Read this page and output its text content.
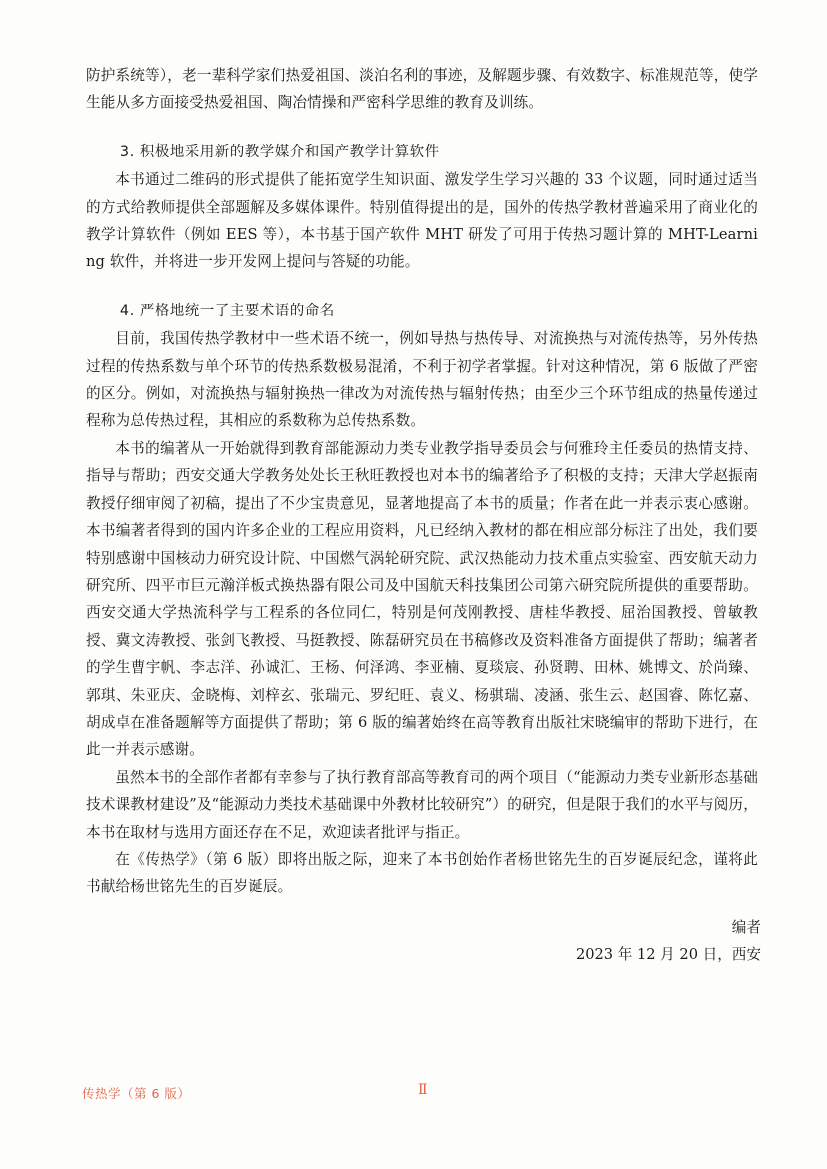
防护系统等），老一辈科学家们热爱祖国、淡泊名利的事迹，及解题步骤、有效数字、标准规范等，使学生能从多方面接受热爱祖国、陶冶情操和严密科学思维的教育及训练。

3. 积极地采用新的教学媒介和国产教学计算软件

本书通过二维码的形式提供了能拓宽学生知识面、激发学生学习兴趣的 33 个议题，同时通过适当的方式给教师提供全部题解及多媒体课件。特别值得提出的是，国外的传热学教材普遍采用了商业化的教学计算软件（例如 EES 等），本书基于国产软件 MHT 研发了可用于传热习题计算的 MHT-Learning 软件，并将进一步开发网上提问与答疑的功能。

4. 严格地统一了主要术语的命名

目前，我国传热学教材中一些术语不统一，例如导热与热传导、对流换热与对流传热等，另外传热过程的传热系数与单个环节的传热系数极易混淆，不利于初学者掌握。针对这种情况，第 6 版做了严密的区分。例如，对流换热与辐射换热一律改为对流传热与辐射传热；由至少三个环节组成的热量传递过程称为总传热过程，其相应的系数称为总传热系数。

本书的编著从一开始就得到教育部能源动力类专业教学指导委员会与何雅玲主任委员的热情支持、指导与帮助；西安交通大学教务处处长王秋旺教授也对本书的编著给予了积极的支持；天津大学赵振南教授仔细审阅了初稿，提出了不少宝贵意见，显著地提高了本书的质量；作者在此一并表示衷心感谢。本书编著者得到的国内许多企业的工程应用资料，凡已经纳入教材的都在相应部分标注了出处，我们要特别感谢中国核动力研究设计院、中国燃气涡轮研究院、武汉热能动力技术重点实验室、西安航天动力研究所、四平市巨元瀚洋板式换热器有限公司及中国航天科技集团公司第六研究院所提供的重要帮助。西安交通大学热流科学与工程系的各位同仁，特别是何茂刚教授、唐桂华教授、屈治国教授、曾敏教授、冀文涛教授、张剑飞教授、马挺教授、陈磊研究员在书稿修改及资料准备方面提供了帮助；编著者的学生曹宇帆、李志洋、孙诚汇、王杨、何泽鸿、李亚楠、夏琰宸、孙贤聘、田林、姚博文、於尚臻、郭琪、朱亚庆、金晓梅、刘梓玄、张瑞元、罗纪旺、袁义、杨骐瑞、凌涵、张生云、赵国睿、陈忆嘉、胡成卓在准备题解等方面提供了帮助；第 6 版的编著始终在高等教育出版社宋晓编审的帮助下进行，在此一并表示感谢。

虽然本书的全部作者都有幸参与了执行教育部高等教育司的两个项目（“能源动力类专业新形态基础技术课教材建设”及“能源动力类技术基础课中外教材比较研究”）的研究，但是限于我们的水平与阅历，本书在取材与选用方面还存在不足，欢迎读者批评与指正。

在《传热学》（第 6 版）即将出版之际，迎来了本书创始作者杨世铭先生的百岁诞辰纪念，谨将此书献给杨世铭先生的百岁诞辰。

编者
2023 年 12 月 20 日，西安
传热学（第 6 版）	Ⅱ
